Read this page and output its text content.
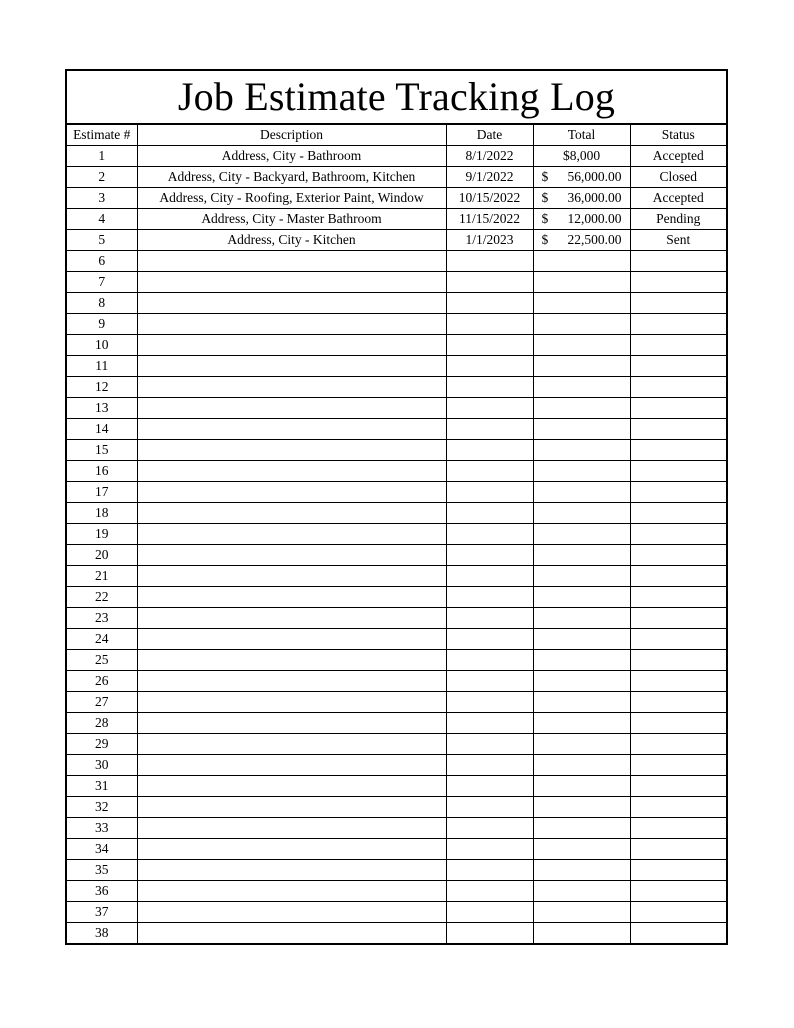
Job Estimate Tracking Log
Estimate #	Description	Date	Total	Status
1	Address, City - Bathroom	8/1/2022	$8,000	Accepted
2	Address, City - Backyard, Bathroom, Kitchen	9/1/2022	$ 56,000.00	Closed
3	Address, City - Roofing, Exterior Paint, Window	10/15/2022	$ 36,000.00	Accepted
4	Address, City - Master Bathroom	11/15/2022	$ 12,000.00	Pending
5	Address, City - Kitchen	1/1/2023	$ 22,500.00	Sent
6			

7			

8			

9			

10			

11			

12			

13			

14			

15			

16			

17			

18			

19			

20			

21			

22			

23			

24			

25			

26			

27			

28			

29			

30			

31			

32			

33			

34			

35			

36			

37			

38			
